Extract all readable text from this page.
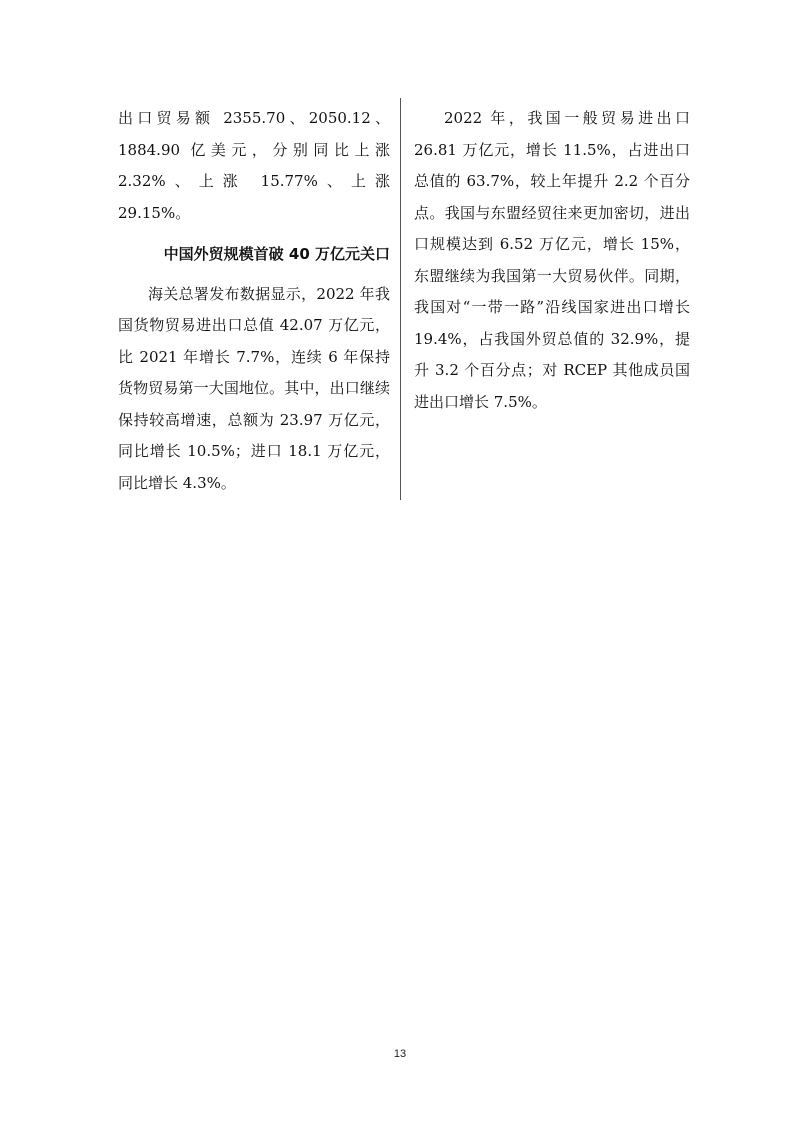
出口贸易额 2355.70、2050.12、1884.90 亿美元，分别同比上涨 2.32%、上涨 15.77%、上涨 29.15%。

中国外贸规模首破 40 万亿元关口

海关总署发布数据显示，2022 年我国货物贸易进出口总值 42.07 万亿元，比 2021 年增长 7.7%，连续 6 年保持货物贸易第一大国地位。其中，出口继续保持较高增速，总额为 23.97 万亿元，同比增长 10.5%；进口 18.1 万亿元，同比增长 4.3%。

2022 年，我国一般贸易进出口 26.81 万亿元，增长 11.5%，占进出口总值的 63.7%，较上年提升 2.2 个百分点。我国与东盟经贸往来更加密切，进出口规模达到 6.52 万亿元，增长 15%，东盟继续为我国第一大贸易伙伴。同期，我国对“一带一路”沿线国家进出口增长 19.4%，占我国外贸总值的 32.9%，提升 3.2 个百分点；对 RCEP 其他成员国进出口增长 7.5%。

13
